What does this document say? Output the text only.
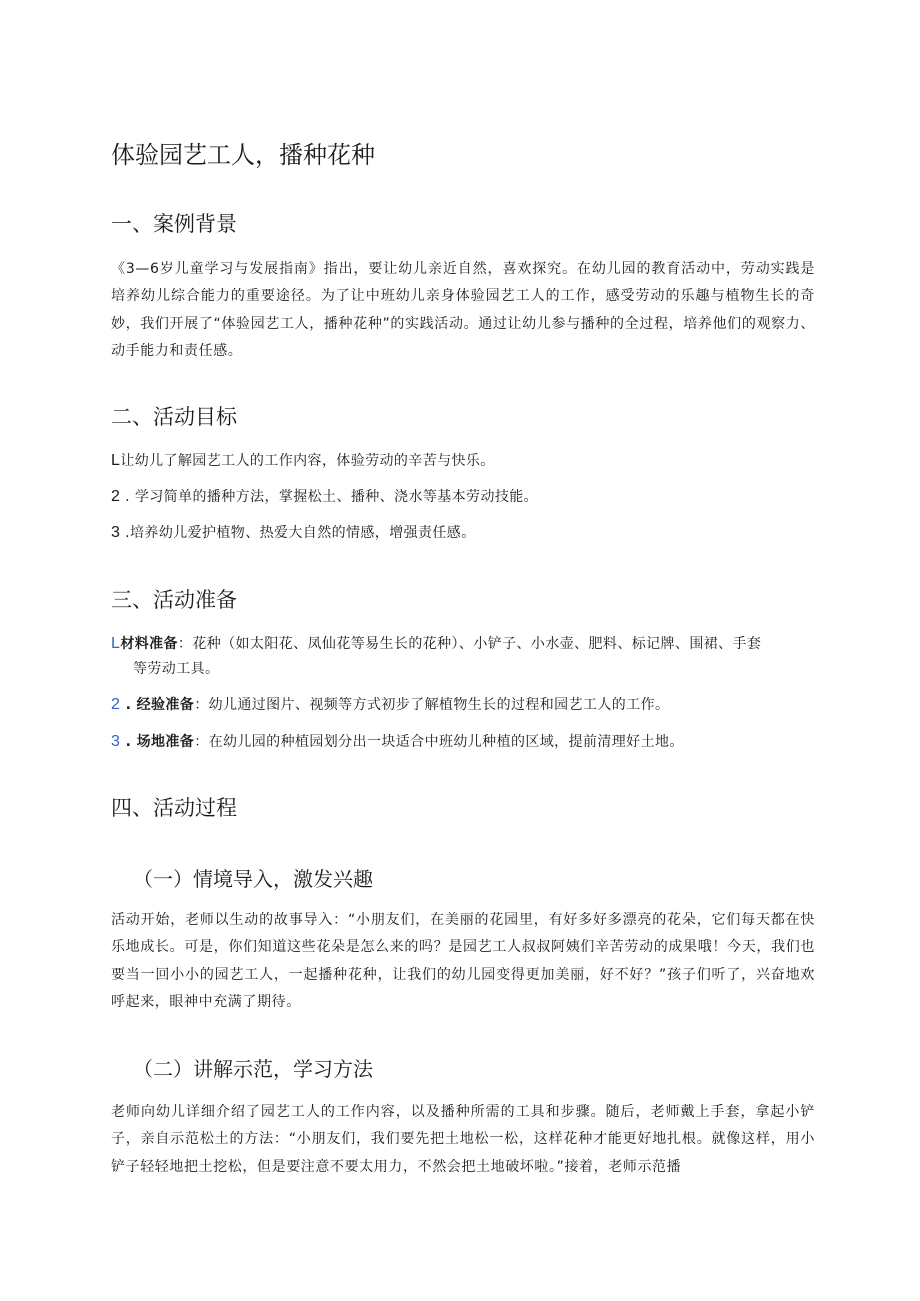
体验园艺工人，播种花种
一、案例背景

《3—6岁儿童学习与发展指南》指出，要让幼儿亲近自然，喜欢探究。在幼儿园的教育活动中，劳动实践是培养幼儿综合能力的重要途径。为了让中班幼儿亲身体验园艺工人的工作，感受劳动的乐趣与植物生长的奇妙，我们开展了“体验园艺工人，播种花种”的实践活动。通过让幼儿参与播种的全过程，培养他们的观察力、动手能力和责任感。

二、活动目标

L让幼儿了解园艺工人的工作内容，体验劳动的辛苦与快乐。

2 . 学习简单的播种方法，掌握松土、播种、浇水等基本劳动技能。

3 .培养幼儿爱护植物、热爱大自然的情感，增强责任感。

三、活动准备
L材料准备：花种（如太阳花、凤仙花等易生长的花种）、小铲子、小水壶、肥料、标记牌、围裙、手套
等劳动工具。

2 . 经验准备：幼儿通过图片、视频等方式初步了解植物生长的过程和园艺工人的工作。

3 . 场地准备：在幼儿园的种植园划分出一块适合中班幼儿种植的区域，提前清理好土地。

四、活动过程
（一）情境导入，激发兴趣

活动开始，老师以生动的故事导入：“小朋友们，在美丽的花园里，有好多好多漂亮的花朵，它们每天都在快乐地成长。可是，你们知道这些花朵是怎么来的吗？是园艺工人叔叔阿姨们辛苦劳动的成果哦！今天，我们也要当一回小小的园艺工人，一起播种花种，让我们的幼儿园变得更加美丽，好不好？”孩子们听了，兴奋地欢呼起来，眼神中充满了期待。

（二）讲解示范，学习方法

老师向幼儿详细介绍了园艺工人的工作内容，以及播种所需的工具和步骤。随后，老师戴上手套，拿起小铲子，亲自示范松土的方法：“小朋友们，我们要先把土地松一松，这样花种才能更好地扎根。就像这样，用小铲子轻轻地把土挖松，但是要注意不要太用力，不然会把土地破坏啦。”接着，老师示范播
